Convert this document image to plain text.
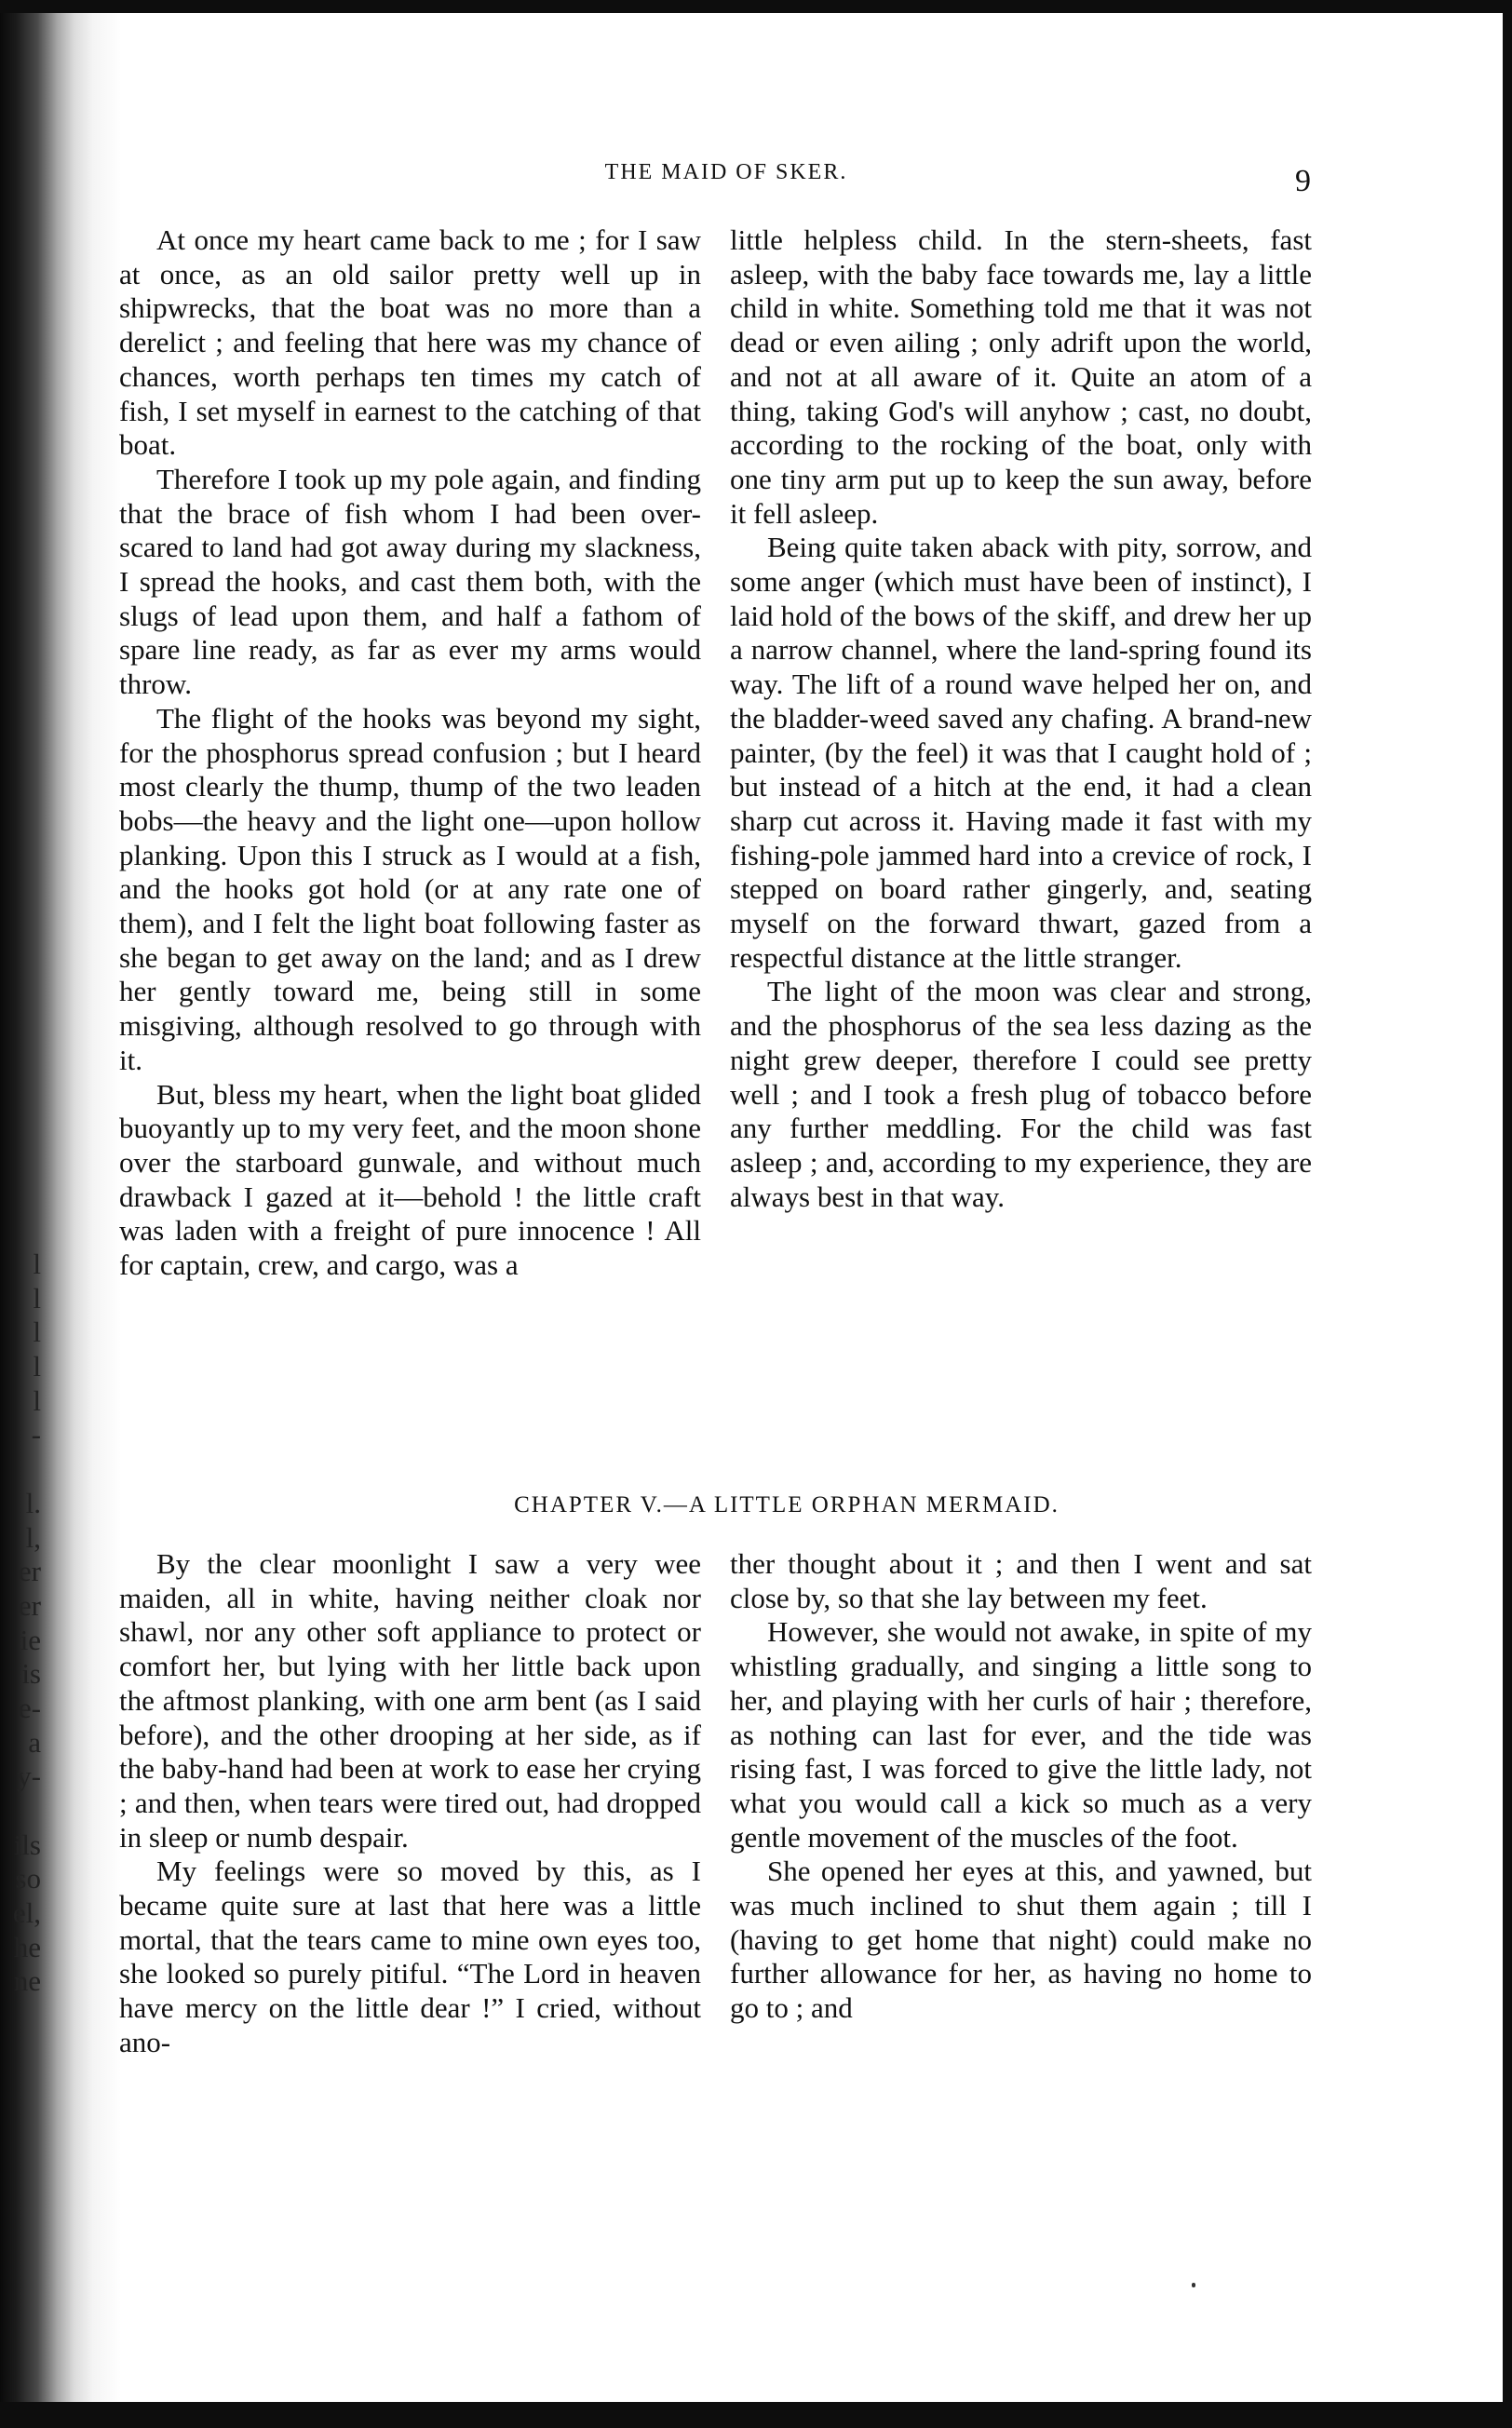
THE MAID OF SKER.	9

At once my heart came back to me ; for I saw at once, as an old sailor pretty well up in shipwrecks, that the boat was no more than a derelict ; and feeling that here was my chance of chances, worth perhaps ten times my catch of fish, I set myself in earnest to the catching of that boat.

Therefore I took up my pole again, and finding that the brace of fish whom I had been over-scared to land had got away during my slackness, I spread the hooks, and cast them both, with the slugs of lead upon them, and half a fathom of spare line ready, as far as ever my arms would throw.

The flight of the hooks was beyond my sight, for the phosphorus spread confusion ; but I heard most clearly the thump, thump of the two leaden bobs—the heavy and the light one—upon hollow planking. Upon this I struck as I would at a fish, and the hooks got hold (or at any rate one of them), and I felt the light boat following faster as she began to get away on the land; and as I drew her gently toward me, being still in some misgiving, although resolved to go through with it.

But, bless my heart, when the light boat glided buoyantly up to my very feet, and the moon shone over the starboard gunwale, and without much drawback I gazed at it—behold ! the little craft was laden with a freight of pure innocence ! All for captain, crew, and cargo, was a

little helpless child. In the stern-sheets, fast asleep, with the baby face towards me, lay a little child in white. Something told me that it was not dead or even ailing ; only adrift upon the world, and not at all aware of it. Quite an atom of a thing, taking God's will anyhow ; cast, no doubt, according to the rocking of the boat, only with one tiny arm put up to keep the sun away, before it fell asleep.

Being quite taken aback with pity, sorrow, and some anger (which must have been of instinct), I laid hold of the bows of the skiff, and drew her up a narrow channel, where the land-spring found its way. The lift of a round wave helped her on, and the bladder-weed saved any chafing. A brand-new painter, (by the feel) it was that I caught hold of ; but instead of a hitch at the end, it had a clean sharp cut across it. Having made it fast with my fishing-pole jammed hard into a crevice of rock, I stepped on board rather gingerly, and, seating myself on the forward thwart, gazed from a respectful distance at the little stranger.

The light of the moon was clear and strong, and the phosphorus of the sea less dazing as the night grew deeper, therefore I could see pretty well ; and I took a fresh plug of tobacco before any further meddling. For the child was fast asleep ; and, according to my experience, they are always best in that way.

CHAPTER V.—A LITTLE ORPHAN MERMAID.

By the clear moonlight I saw a very wee maiden, all in white, having neither cloak nor shawl, nor any other soft appliance to protect or comfort her, but lying with her little back upon the aftmost planking, with one arm bent (as I said before), and the other drooping at her side, as if the baby-hand had been at work to ease her crying ; and then, when tears were tired out, had dropped in sleep or numb despair.

My feelings were so moved by this, as I became quite sure at last that here was a little mortal, that the tears came to mine own eyes too, she looked so purely pitiful. “The Lord in heaven have mercy on the little dear !” I cried, without ano-

ther thought about it ; and then I went and sat close by, so that she lay between my feet.

However, she would not awake, in spite of my whistling gradually, and singing a little song to her, and playing with her curls of hair ; therefore, as nothing can last for ever, and the tide was rising fast, I was forced to give the little lady, not what you would call a kick so much as a very gentle movement of the muscles of the foot.

She opened her eyes at this, and yawned, but was much inclined to shut them again ; till I (having to get home that night) could make no further allowance for her, as having no home to go to ; and

l
l
l
l
l
-
l.
l,
er
er
ie
is
e-
a
y-
ils
so
el,
he
ne
